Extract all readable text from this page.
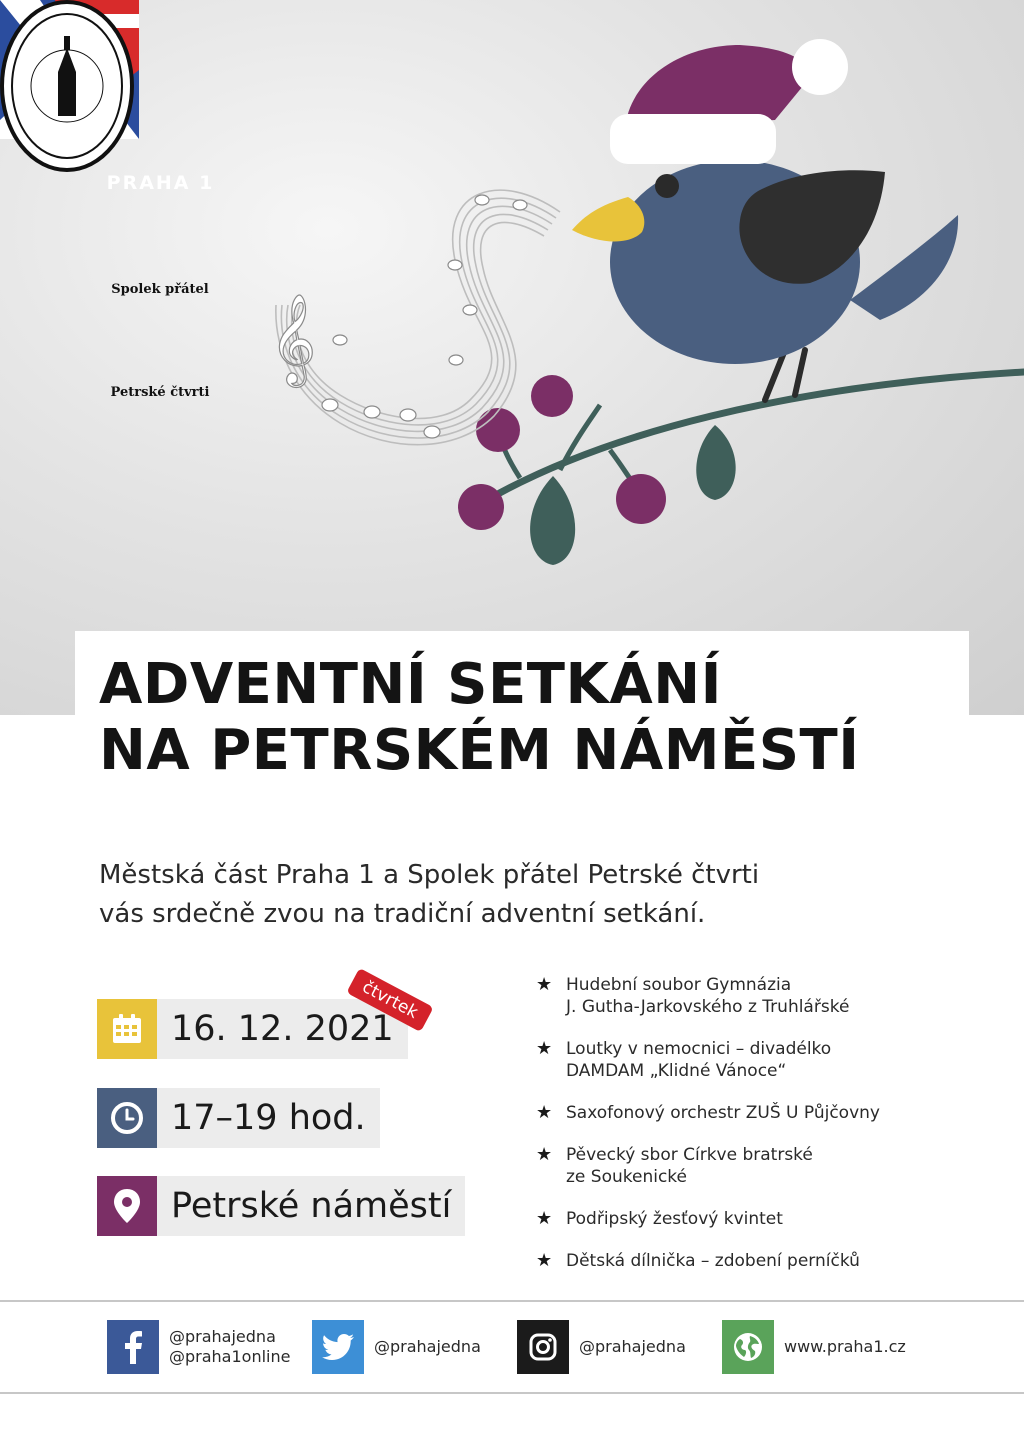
𝄞
PRAHA 1
Spolek přátel
Petrské čtvrti
ADVENTNÍ SETKÁNÍ
NA PETRSKÉM NÁMĚSTÍ
Městská část Praha 1 a Spolek přátel Petrské čtvrti
vás srdečně zvou na tradiční adventní setkání.
16. 12. 2021
čtvrtek
17–19 hod.
Petrské náměstí
★ Hudební soubor Gymnázia
J. Gutha-Jarkovského z Truhlářské
★ Loutky v nemocnici – divadélko
DAMDAM „Klidné Vánoce“
★ Saxofonový orchestr ZUŠ U Půjčovny
★ Pěvecký sbor Církve bratrské
ze Soukenické
★ Podřipský žesťový kvintet
★ Dětská dílnička – zdobení perníčků
@prahajedna
@praha1online
@prahajedna	@prahajedna	www.praha1.cz
